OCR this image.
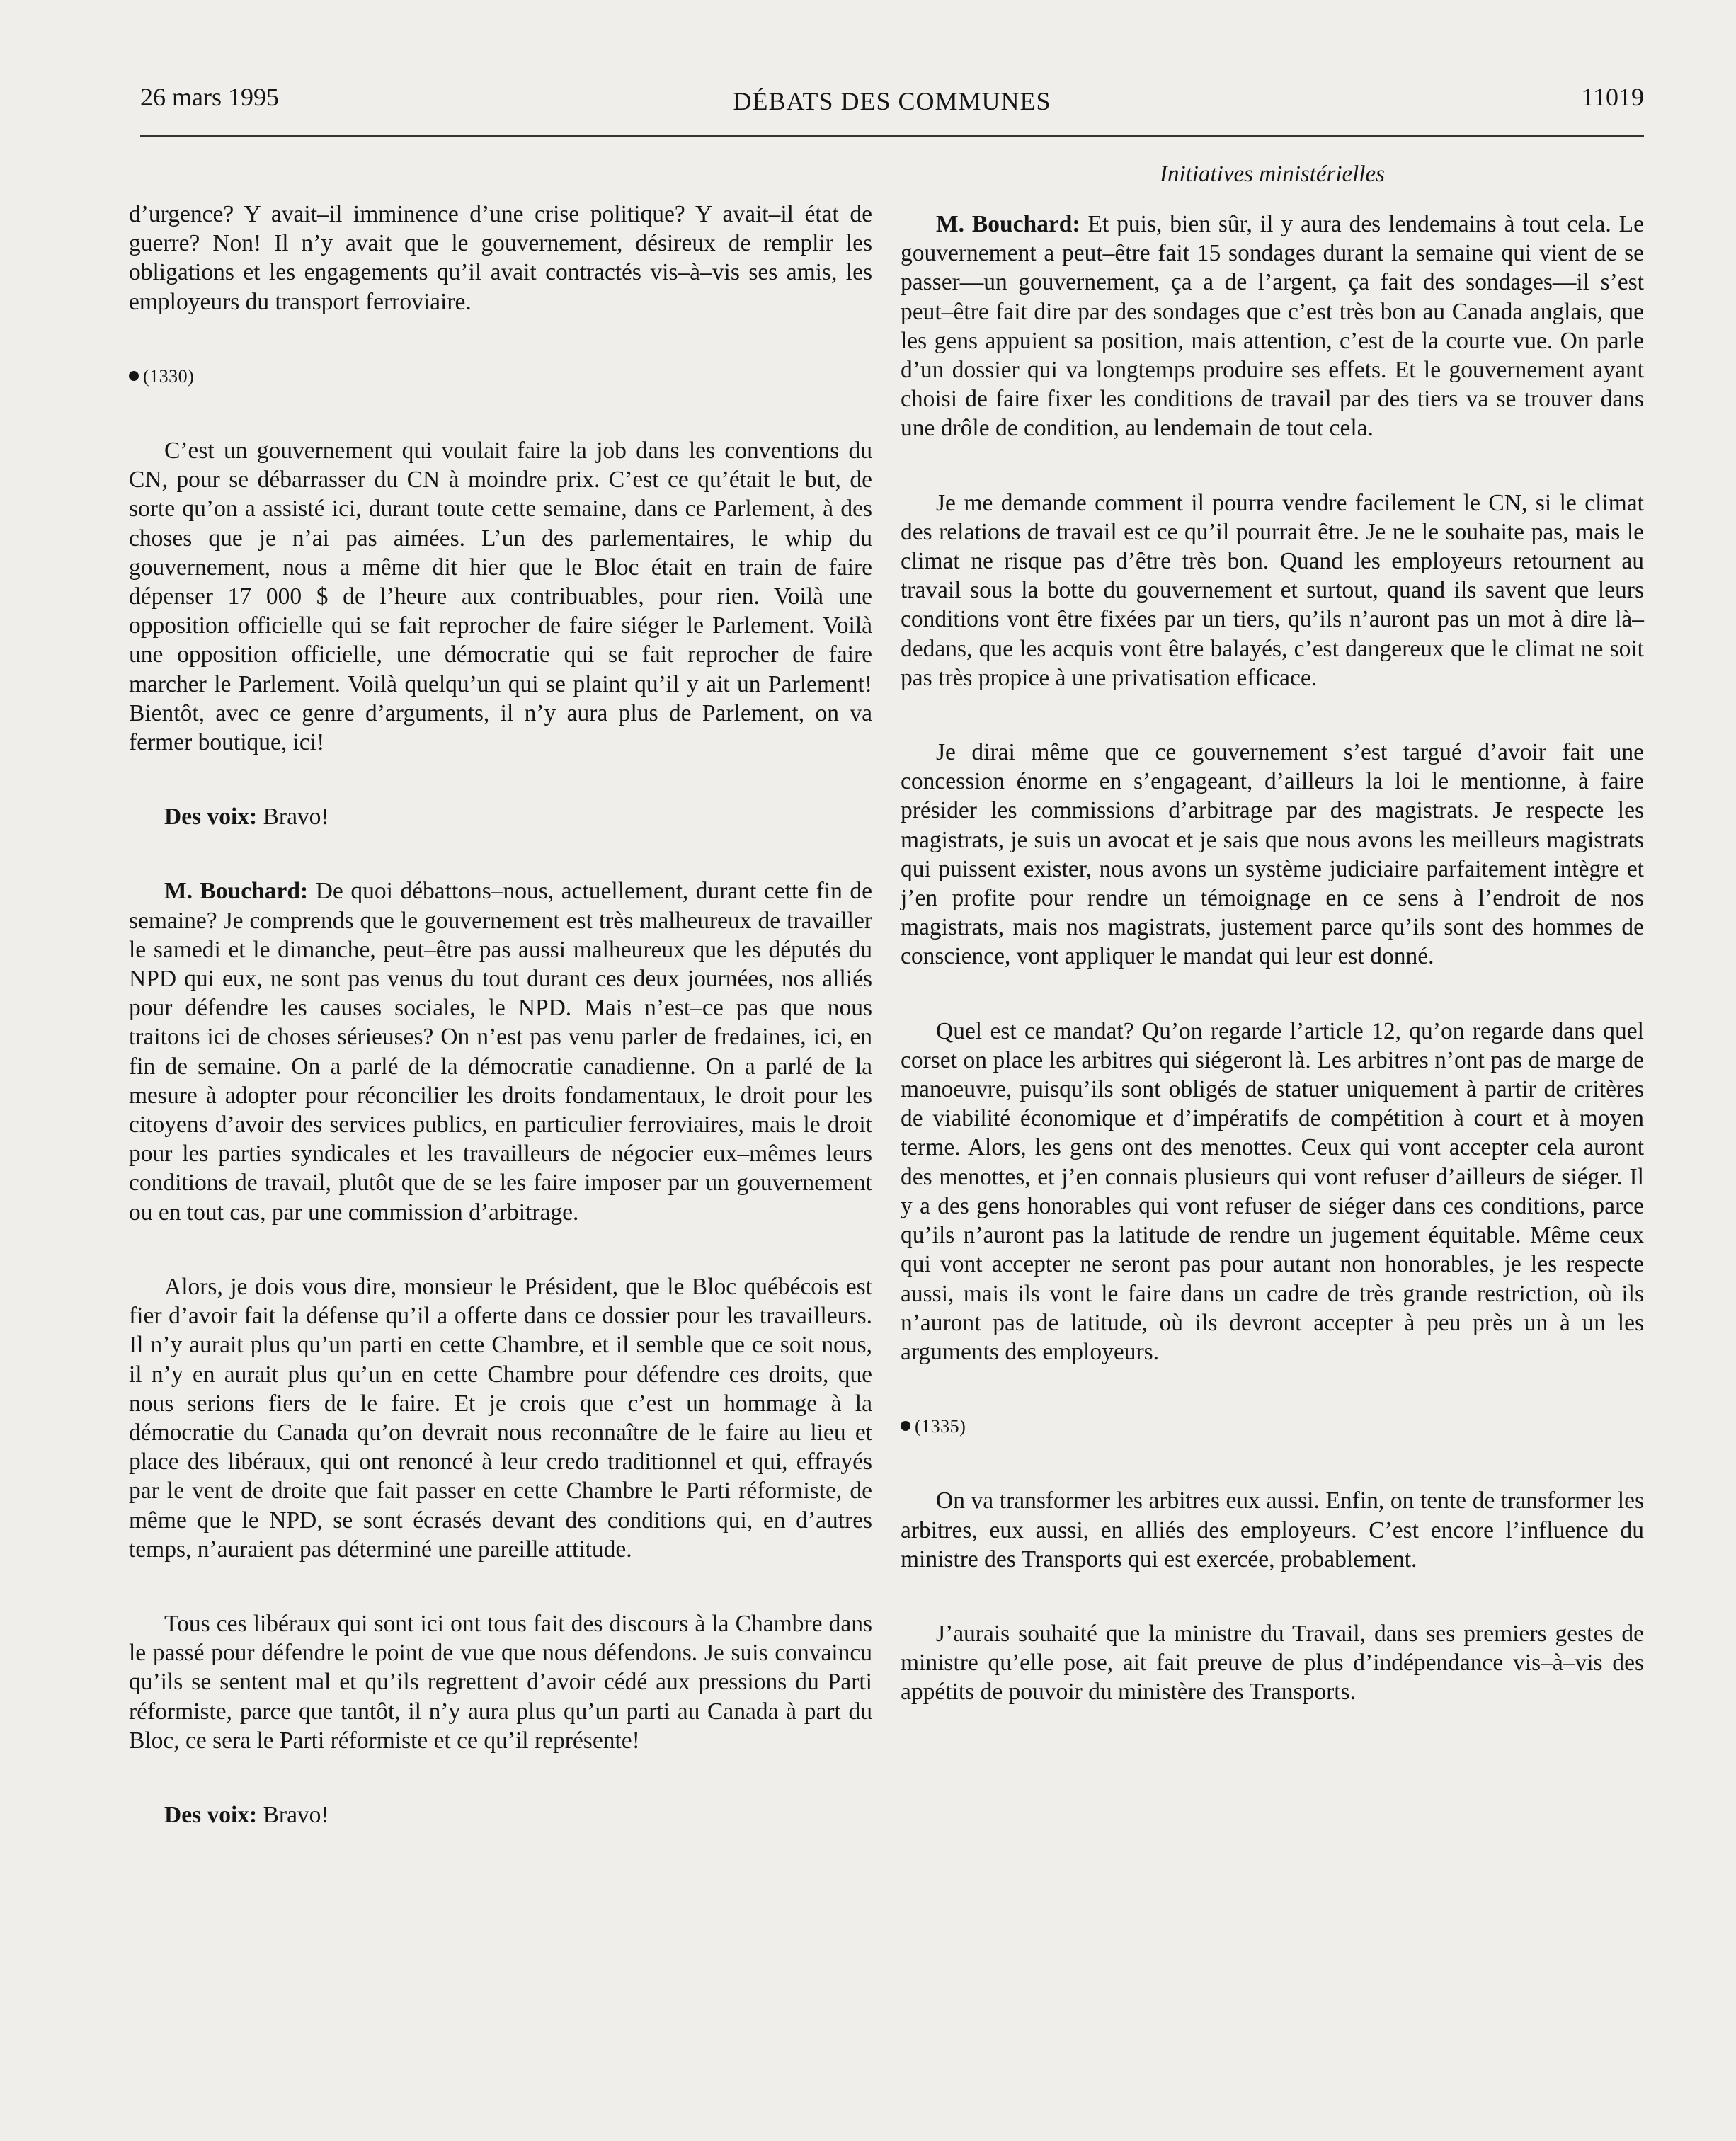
26 mars 1995	DÉBATS DES COMMUNES	11019
Initiatives ministérielles

d’urgence? Y avait–il imminence d’une crise politique? Y avait–il état de guerre? Non! Il n’y avait que le gouvernement, désireux de remplir les obligations et les engagements qu’il avait contractés vis–à–vis ses amis, les employeurs du transport ferroviaire.

(1330)

C’est un gouvernement qui voulait faire la job dans les conventions du CN, pour se débarrasser du CN à moindre prix. C’est ce qu’était le but, de sorte qu’on a assisté ici, durant toute cette semaine, dans ce Parlement, à des choses que je n’ai pas aimées. L’un des parlementaires, le whip du gouvernement, nous a même dit hier que le Bloc était en train de faire dépenser 17 000 $ de l’heure aux contribuables, pour rien. Voilà une opposition officielle qui se fait reprocher de faire siéger le Parlement. Voilà une opposition officielle, une démocratie qui se fait reprocher de faire marcher le Parlement. Voilà quelqu’un qui se plaint qu’il y ait un Parlement! Bientôt, avec ce genre d’arguments, il n’y aura plus de Parlement, on va fermer boutique, ici!

Des voix: Bravo!

M. Bouchard: De quoi débattons–nous, actuellement, durant cette fin de semaine? Je comprends que le gouvernement est très malheureux de travailler le samedi et le dimanche, peut–être pas aussi malheureux que les députés du NPD qui eux, ne sont pas venus du tout durant ces deux journées, nos alliés pour défendre les causes sociales, le NPD. Mais n’est–ce pas que nous traitons ici de choses sérieuses? On n’est pas venu parler de fredaines, ici, en fin de semaine. On a parlé de la démocratie canadienne. On a parlé de la mesure à adopter pour réconcilier les droits fondamentaux, le droit pour les citoyens d’avoir des services publics, en particulier ferroviaires, mais le droit pour les parties syndicales et les travailleurs de négocier eux–mêmes leurs conditions de travail, plutôt que de se les faire imposer par un gouvernement ou en tout cas, par une commission d’arbitrage.

Alors, je dois vous dire, monsieur le Président, que le Bloc québécois est fier d’avoir fait la défense qu’il a offerte dans ce dossier pour les travailleurs. Il n’y aurait plus qu’un parti en cette Chambre, et il semble que ce soit nous, il n’y en aurait plus qu’un en cette Chambre pour défendre ces droits, que nous serions fiers de le faire. Et je crois que c’est un hommage à la démocratie du Canada qu’on devrait nous reconnaître de le faire au lieu et place des libéraux, qui ont renoncé à leur credo traditionnel et qui, effrayés par le vent de droite que fait passer en cette Chambre le Parti réformiste, de même que le NPD, se sont écrasés devant des conditions qui, en d’autres temps, n’auraient pas déterminé une pareille attitude.

Tous ces libéraux qui sont ici ont tous fait des discours à la Chambre dans le passé pour défendre le point de vue que nous défendons. Je suis convaincu qu’ils se sentent mal et qu’ils regrettent d’avoir cédé aux pressions du Parti réformiste, parce que tantôt, il n’y aura plus qu’un parti au Canada à part du Bloc, ce sera le Parti réformiste et ce qu’il représente!

Des voix: Bravo!

M. Bouchard: Et puis, bien sûr, il y aura des lendemains à tout cela. Le gouvernement a peut–être fait 15 sondages durant la semaine qui vient de se passer—un gouvernement, ça a de l’argent, ça fait des sondages—il s’est peut–être fait dire par des sondages que c’est très bon au Canada anglais, que les gens appuient sa position, mais attention, c’est de la courte vue. On parle d’un dossier qui va longtemps produire ses effets. Et le gouvernement ayant choisi de faire fixer les conditions de travail par des tiers va se trouver dans une drôle de condition, au lendemain de tout cela.

Je me demande comment il pourra vendre facilement le CN, si le climat des relations de travail est ce qu’il pourrait être. Je ne le souhaite pas, mais le climat ne risque pas d’être très bon. Quand les employeurs retournent au travail sous la botte du gouvernement et surtout, quand ils savent que leurs conditions vont être fixées par un tiers, qu’ils n’auront pas un mot à dire là–dedans, que les acquis vont être balayés, c’est dangereux que le climat ne soit pas très propice à une privatisation efficace.

Je dirai même que ce gouvernement s’est targué d’avoir fait une concession énorme en s’engageant, d’ailleurs la loi le mentionne, à faire présider les commissions d’arbitrage par des magistrats. Je respecte les magistrats, je suis un avocat et je sais que nous avons les meilleurs magistrats qui puissent exister, nous avons un système judiciaire parfaitement intègre et j’en profite pour rendre un témoignage en ce sens à l’endroit de nos magistrats, mais nos magistrats, justement parce qu’ils sont des hommes de conscience, vont appliquer le mandat qui leur est donné.

Quel est ce mandat? Qu’on regarde l’article 12, qu’on regarde dans quel corset on place les arbitres qui siégeront là. Les arbitres n’ont pas de marge de manoeuvre, puisqu’ils sont obligés de statuer uniquement à partir de critères de viabilité économique et d’impératifs de compétition à court et à moyen terme. Alors, les gens ont des menottes. Ceux qui vont accepter cela auront des menottes, et j’en connais plusieurs qui vont refuser d’ailleurs de siéger. Il y a des gens honorables qui vont refuser de siéger dans ces conditions, parce qu’ils n’auront pas la latitude de rendre un jugement équitable. Même ceux qui vont accepter ne seront pas pour autant non honorables, je les respecte aussi, mais ils vont le faire dans un cadre de très grande restriction, où ils n’auront pas de latitude, où ils devront accepter à peu près un à un les arguments des employeurs.

(1335)

On va transformer les arbitres eux aussi. Enfin, on tente de transformer les arbitres, eux aussi, en alliés des employeurs. C’est encore l’influence du ministre des Transports qui est exercée, probablement.

J’aurais souhaité que la ministre du Travail, dans ses premiers gestes de ministre qu’elle pose, ait fait preuve de plus d’indépendance vis–à–vis des appétits de pouvoir du ministère des Transports.
